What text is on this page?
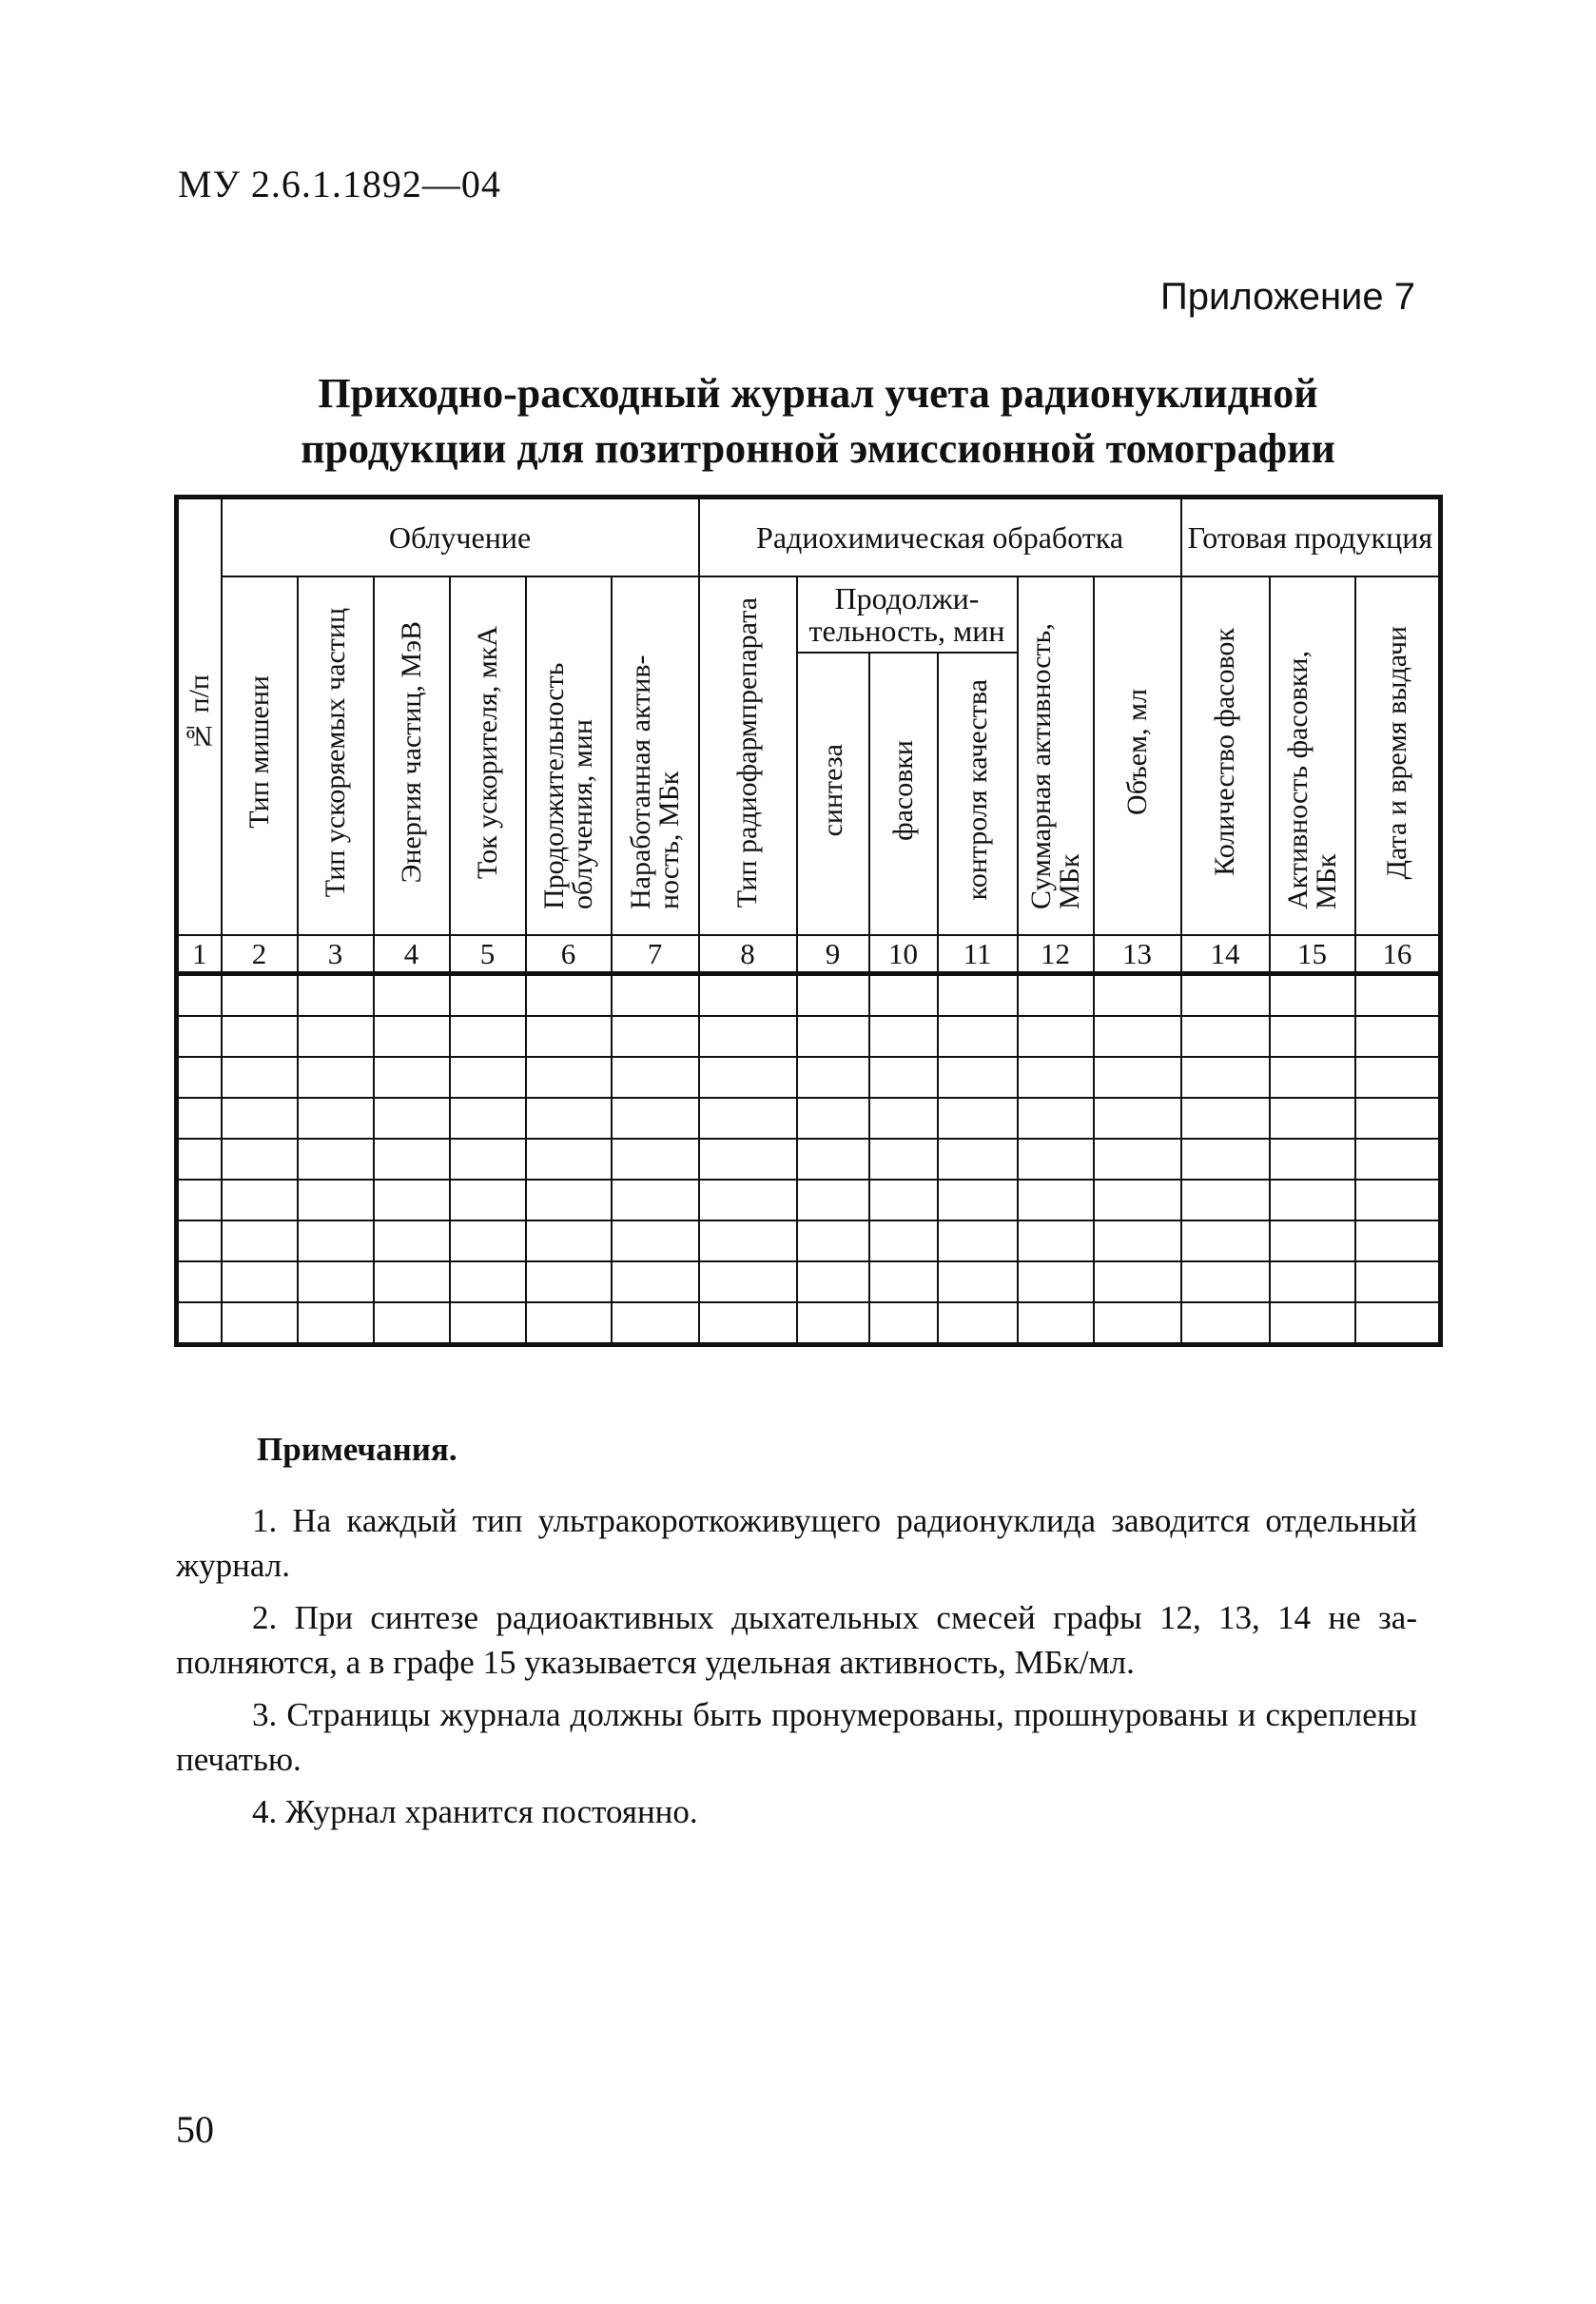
МУ 2.6.1.1892—04
Приложение 7
Приходно-расходный журнал учета радионуклидной
продукции для позитронной эмиссионной томографии
№ п/п	Облучение						Радиохимическая обработка						Готовая продукция		
	Тип мишени	Тип ускоряемых частиц	Энергия частиц, МэВ	Ток ускорителя, мкА	Продолжительность облучения, мин	Наработанная активность, МБк	Тип радиофармпрепарата	Продолжительность, мин			Суммарная активность, МБк	Объем, мл	Количество фасовок	Активность фасовки, МБк	Дата и время выдачи
								синтеза	фасовки	контроля качества					
1	2	3	4	5	6	7	8	9	10	11	12	13	14	15	16

Примечания.

1. На каждый тип ультракороткоживущего радионуклида заводится отдельный журнал.

2. При синтезе радиоактивных дыхательных смесей графы 12, 13, 14 не заполняются, а в графе 15 указывается удельная активность, МБк/мл.

3. Страницы журнала должны быть пронумерованы, прошнурованы и скреплены печатью.

4. Журнал хранится постоянно.

50
